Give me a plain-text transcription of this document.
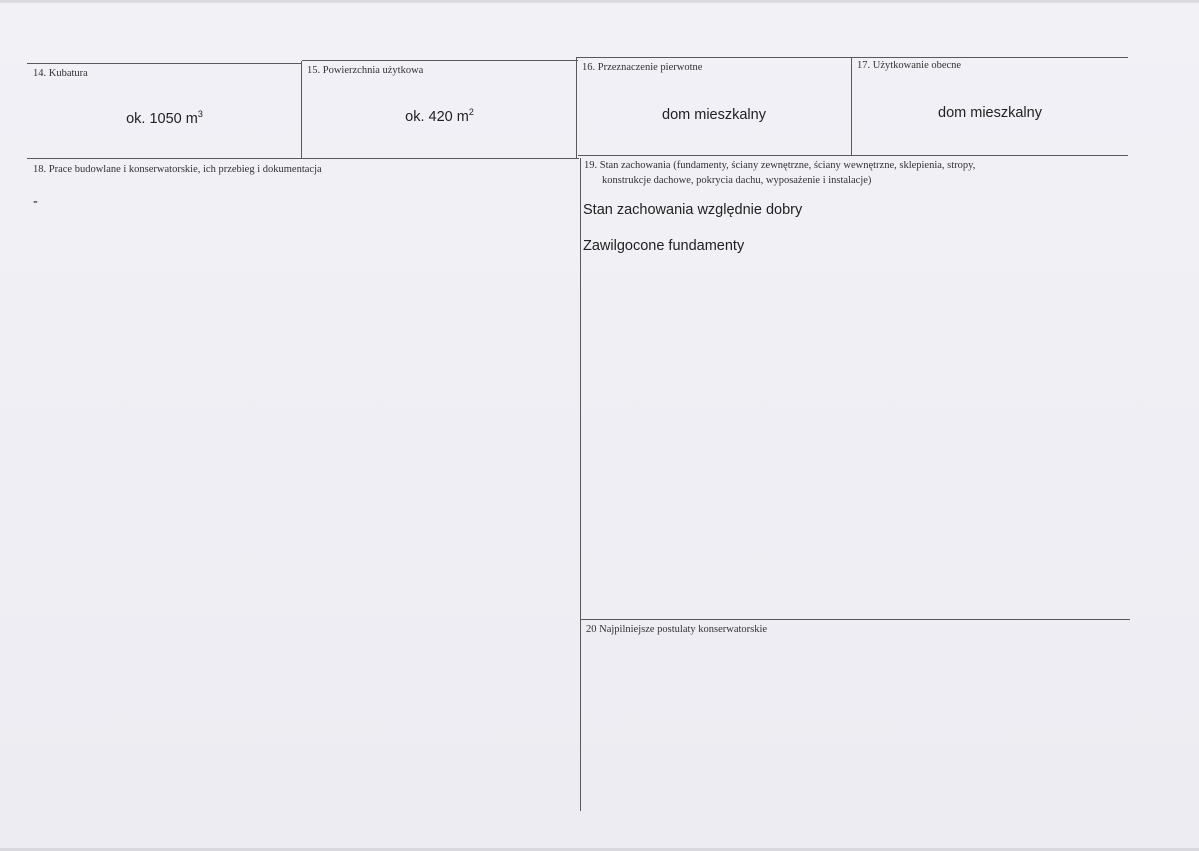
14. Kubatura
ok. 1050 $m^3$
15. Powierzchnia użytkowa
ok. 420 $m^2$
16. Przeznaczenie pierwotne
dom mieszkalny
17. Użytkowanie obecne
dom mieszkalny
18. Prace budowlane i konserwatorskie, ich przebieg i dokumentacja
-
19. Stan zachowania (fundamenty, ściany zewnętrzne, ściany wewnętrzne, sklepienia, stropy,
konstrukcje dachowe, pokrycia dachu, wyposażenie i instalacje)
Stan zachowania względnie dobry
Zawilgocone fundamenty
20 Najpilniejsze postulaty konserwatorskie
